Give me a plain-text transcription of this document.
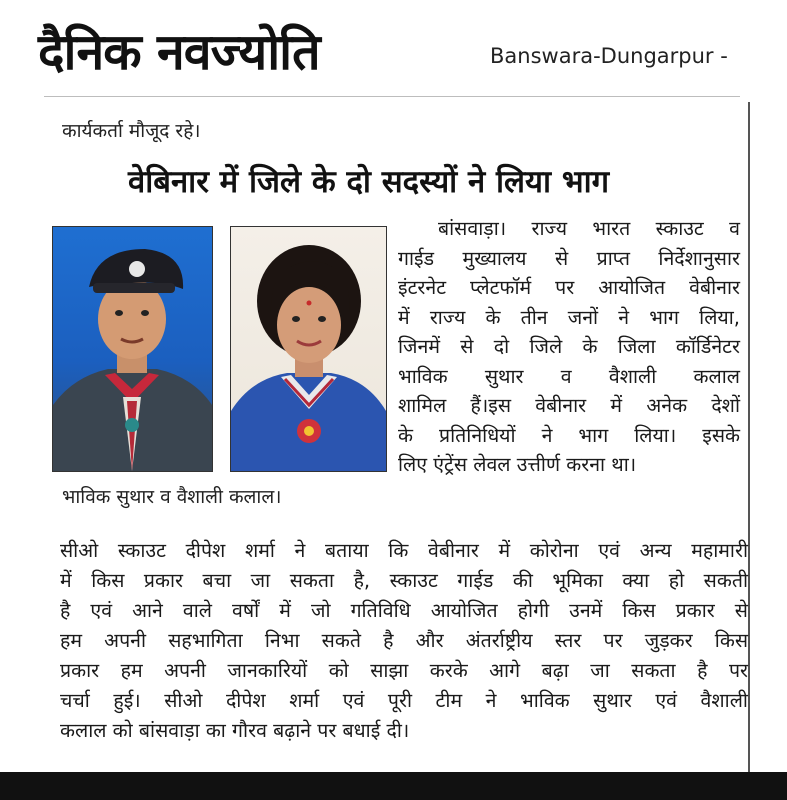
दैनिक नवज्योति	Banswara-Dungarpur -
कार्यकर्ता मौजूद रहे।
वेबिनार में जिले के दो सदस्यों ने लिया भाग
भाविक सुथार व वैशाली कलाल।
बांसवाड़ा। राज्य भारत स्काउट व
गाईड मुख्यालय से प्राप्त निर्देशानुसार
इंटरनेट प्लेटफॉर्म पर आयोजित वेबीनार
में राज्य के तीन जनों ने भाग लिया,
जिनमें से दो जिले के जिला कॉर्डिनेटर
भाविक सुथार व वैशाली कलाल
शामिल हैं।इस वेबीनार में अनेक देशों
के प्रतिनिधियों ने भाग लिया। इसके
लिए एंट्रेंस लेवल उत्तीर्ण करना था।
सीओ स्काउट दीपेश शर्मा ने बताया कि वेबीनार में कोरोना एवं अन्य महामारी
में किस प्रकार बचा जा सकता है, स्काउट गाईड की भूमिका क्या हो सकती
है एवं आने वाले वर्षों में जो गतिविधि आयोजित होगी उनमें किस प्रकार से
हम अपनी सहभागिता निभा सकते है और अंतर्राष्ट्रीय स्तर पर जुड़कर किस
प्रकार हम अपनी जानकारियों को साझा करके आगे बढ़ा जा सकता है पर
चर्चा हुई। सीओ दीपेश शर्मा एवं पूरी टीम ने भाविक सुथार एवं वैशाली
कलाल को बांसवाड़ा का गौरव बढ़ाने पर बधाई दी।
